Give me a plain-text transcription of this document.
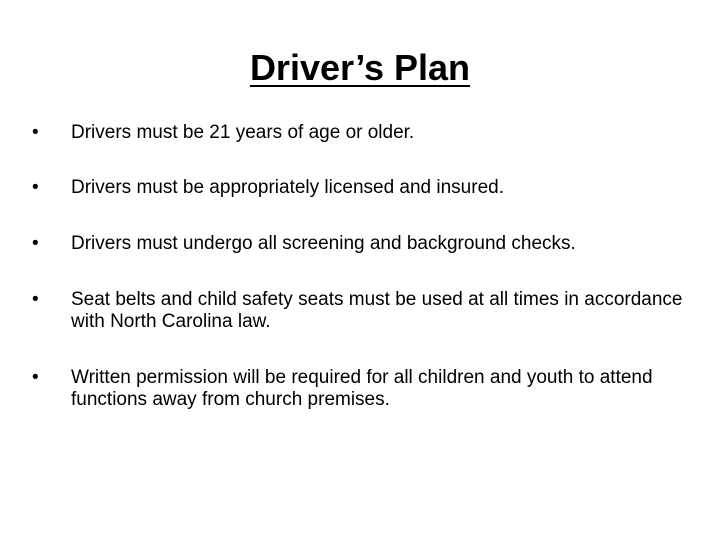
Driver’s Plan
•	Drivers must be 21 years of age or older.
•	Drivers must be appropriately licensed and insured.
•	Drivers must undergo all screening and background checks.
•	Seat belts and child safety seats must be used at all times in accordance with North Carolina law.
•	Written permission will be required for all children and youth to attend functions away from church premises.
